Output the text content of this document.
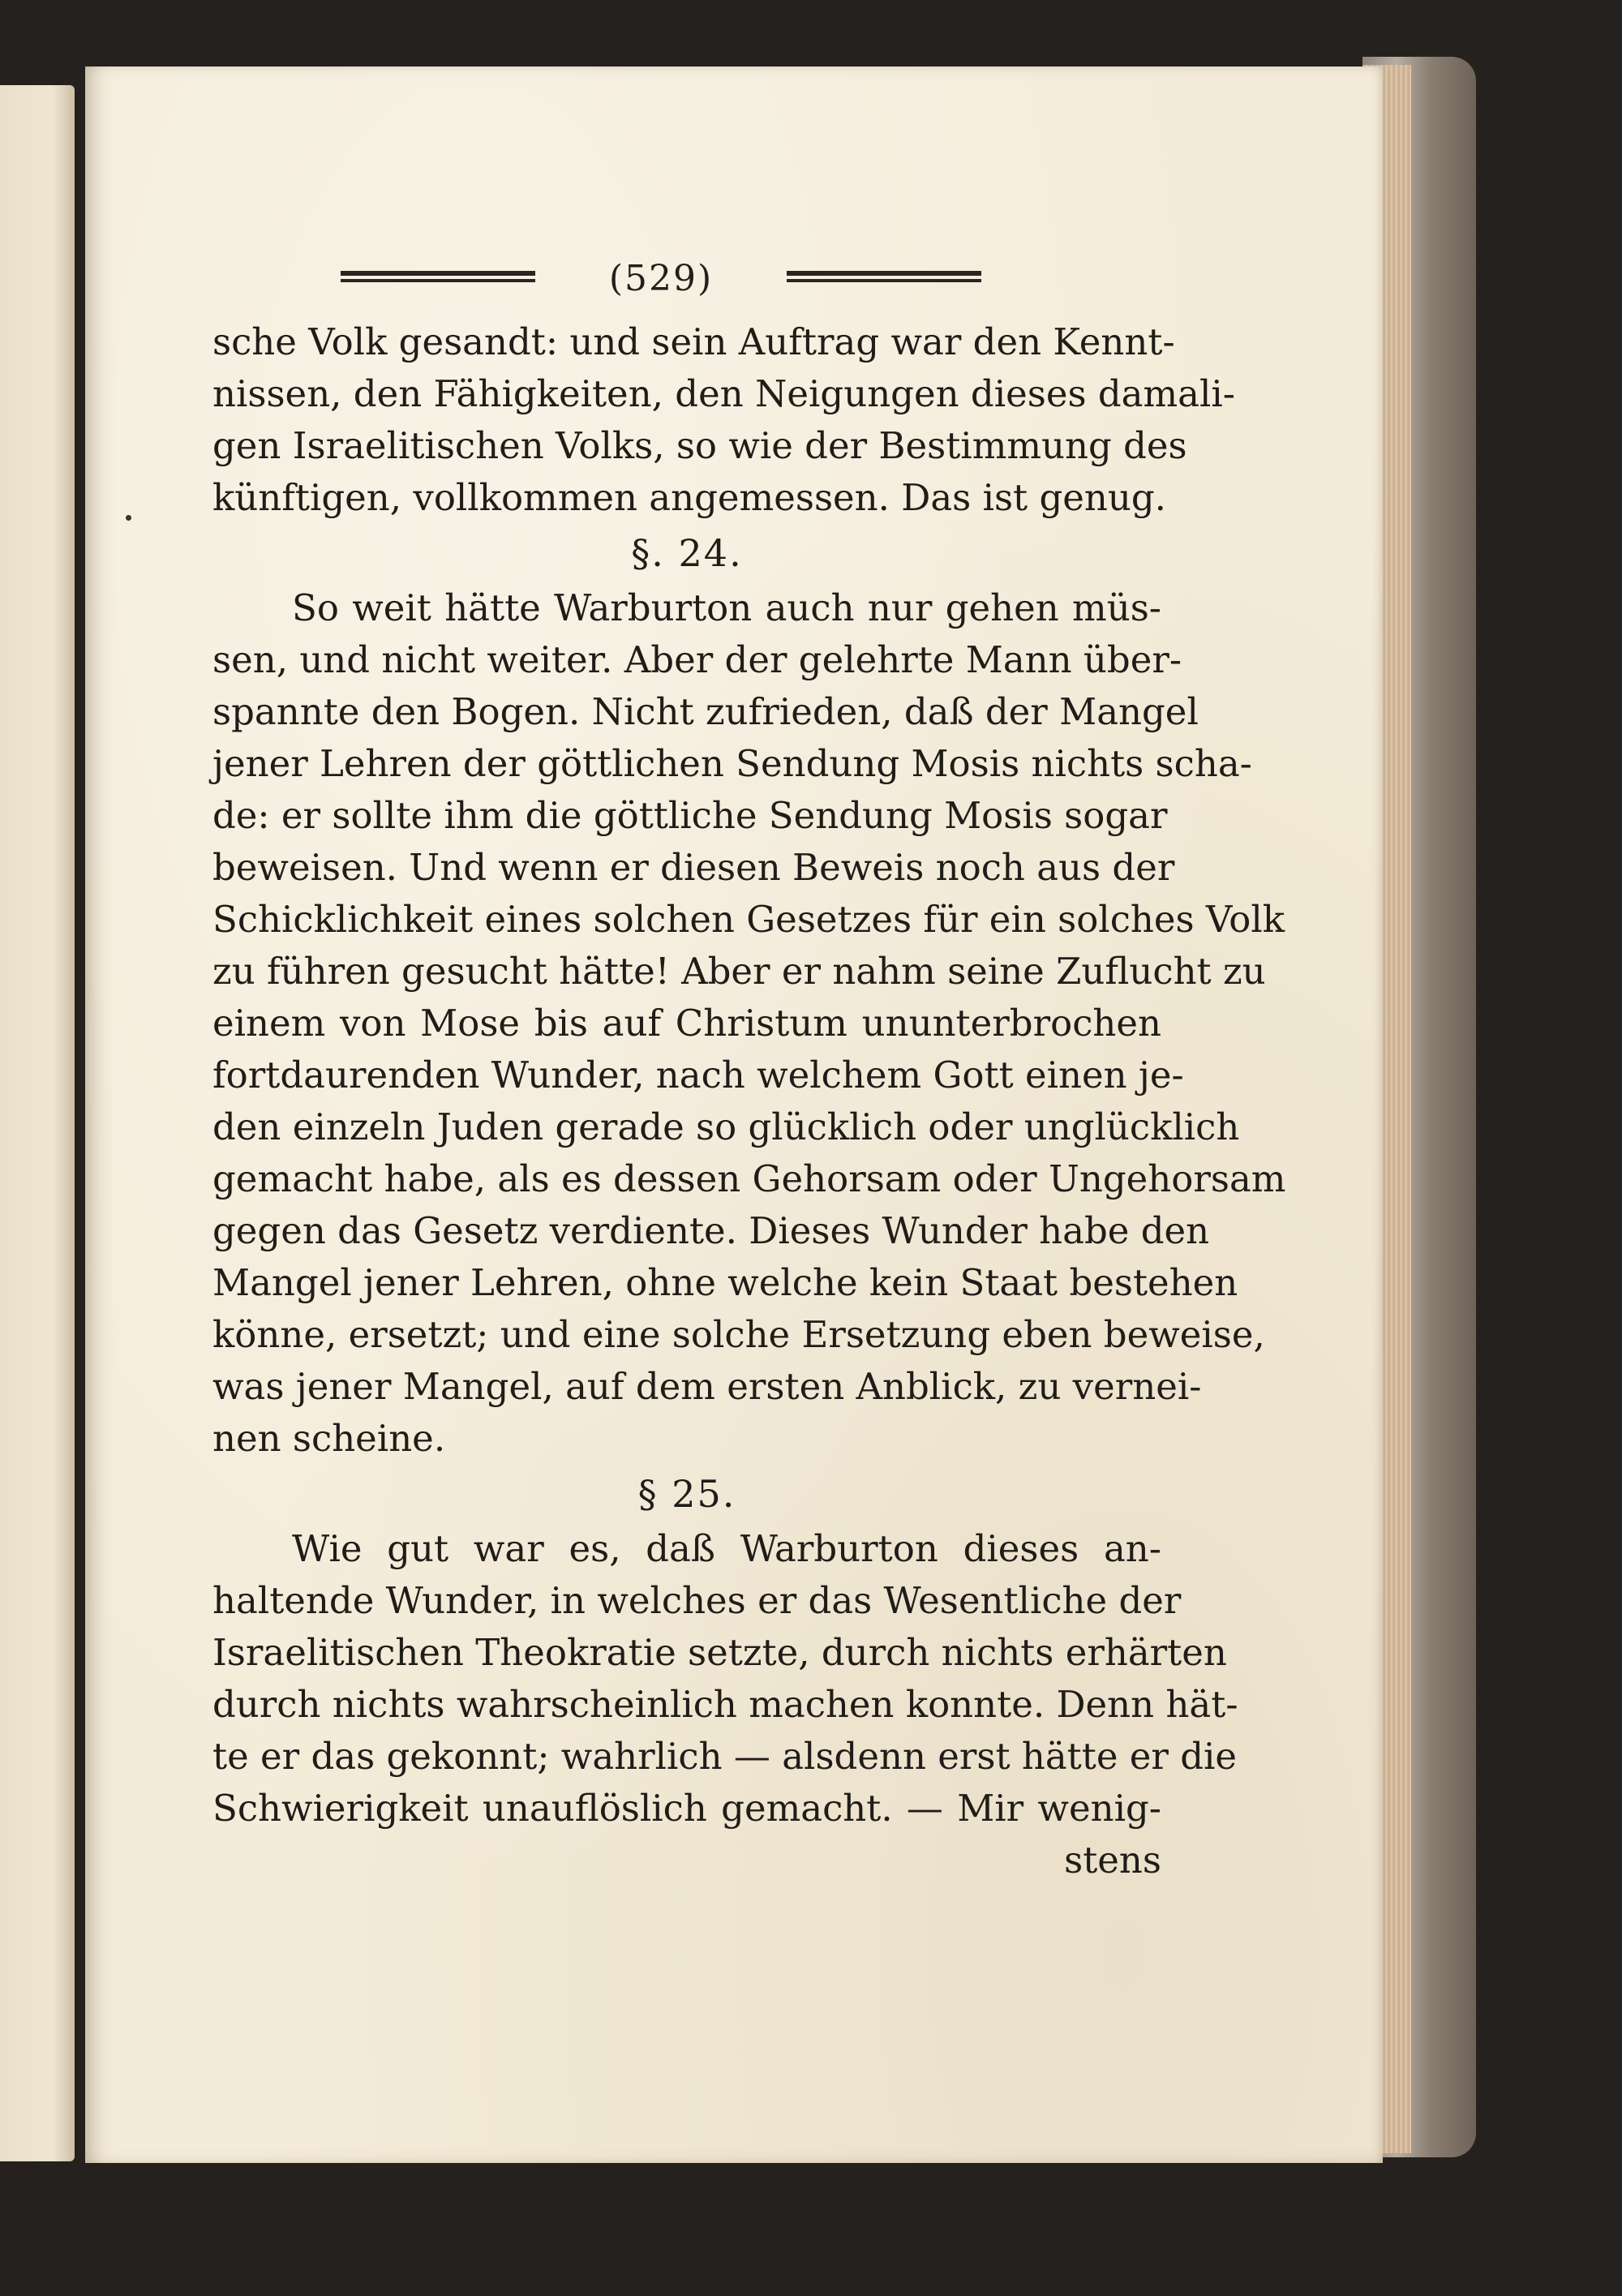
(529)
sche Volk gesandt: und sein Auftrag war den Kennt-
nissen, den Fähigkeiten, den Neigungen dieses damali-
gen Israelitischen Volks, so wie der Bestimmung des
künftigen, vollkommen angemessen. Das ist genug.
§. 24.
So weit hätte Warburton auch nur gehen müs-
sen, und nicht weiter. Aber der gelehrte Mann über-
spannte den Bogen. Nicht zufrieden, daß der Mangel
jener Lehren der göttlichen Sendung Mosis nichts scha-
de: er sollte ihm die göttliche Sendung Mosis sogar
beweisen. Und wenn er diesen Beweis noch aus der
Schicklichkeit eines solchen Gesetzes für ein solches Volk
zu führen gesucht hätte! Aber er nahm seine Zuflucht zu
einem von Mose bis auf Christum ununterbrochen
fortdaurenden Wunder, nach welchem Gott einen je-
den einzeln Juden gerade so glücklich oder unglücklich
gemacht habe, als es dessen Gehorsam oder Ungehorsam
gegen das Gesetz verdiente. Dieses Wunder habe den
Mangel jener Lehren, ohne welche kein Staat bestehen
könne, ersetzt; und eine solche Ersetzung eben beweise,
was jener Mangel, auf dem ersten Anblick, zu vernei-
nen scheine.
§ 25.
Wie gut war es, daß Warburton dieses an-
haltende Wunder, in welches er das Wesentliche der
Israelitischen Theokratie setzte, durch nichts erhärten
durch nichts wahrscheinlich machen konnte. Denn hät-
te er das gekonnt; wahrlich — alsdenn erst hätte er die
Schwierigkeit unauflöslich gemacht. — Mir wenig-
stens
